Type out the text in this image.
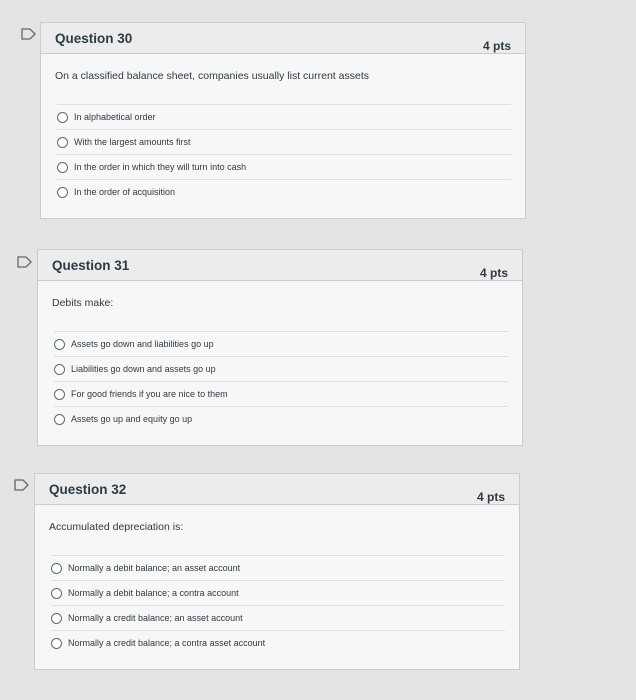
Question 30
4 pts

On a classified balance sheet, companies usually list current assets

In alphabetical order
With the largest amounts first
In the order in which they will turn into cash
In the order of acquisition
Question 31
4 pts

Debits make:

Assets go down and liabilities go up
Liabilities go down and assets go up
For good friends if you are nice to them
Assets go up and equity go up
Question 32
4 pts

Accumulated depreciation is:

Normally a debit balance; an asset account
Normally a debit balance; a contra account
Normally a credit balance; an asset account
Normally a credit balance; a contra asset account
